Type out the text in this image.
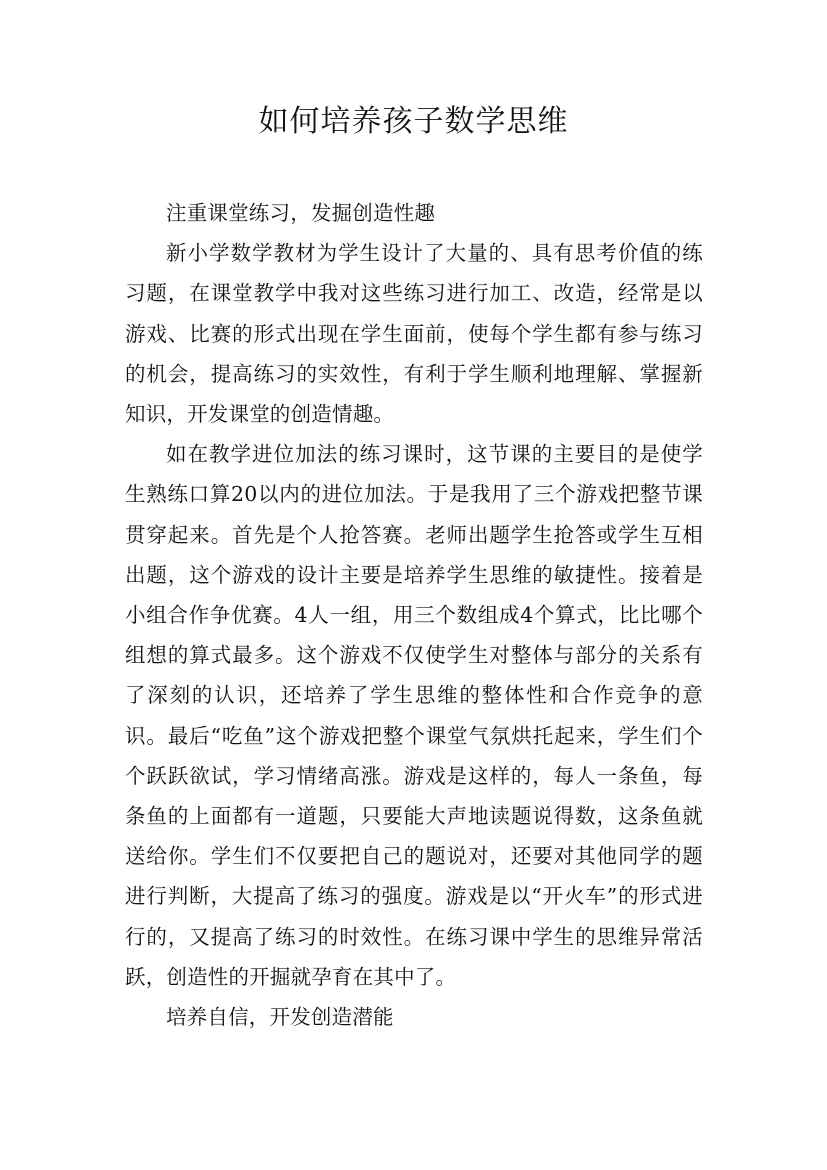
如何培养孩子数学思维

注重课堂练习，发掘创造性趣

新小学数学教材为学生设计了大量的、具有思考价值的练习题，在课堂教学中我对这些练习进行加工、改造，经常是以游戏、比赛的形式出现在学生面前，使每个学生都有参与练习的机会，提高练习的实效性，有利于学生顺利地理解、掌握新知识，开发课堂的创造情趣。

如在教学进位加法的练习课时，这节课的主要目的是使学生熟练口算20以内的进位加法。于是我用了三个游戏把整节课贯穿起来。首先是个人抢答赛。老师出题学生抢答或学生互相出题，这个游戏的设计主要是培养学生思维的敏捷性。接着是小组合作争优赛。4人一组，用三个数组成4个算式，比比哪个组想的算式最多。这个游戏不仅使学生对整体与部分的关系有了深刻的认识，还培养了学生思维的整体性和合作竞争的意识。最后“吃鱼”这个游戏把整个课堂气氛烘托起来，学生们个个跃跃欲试，学习情绪高涨。游戏是这样的，每人一条鱼，每条鱼的上面都有一道题，只要能大声地读题说得数，这条鱼就送给你。学生们不仅要把自己的题说对，还要对其他同学的题进行判断，大提高了练习的强度。游戏是以“开火车”的形式进行的，又提高了练习的时效性。在练习课中学生的思维异常活跃，创造性的开掘就孕育在其中了。

培养自信，开发创造潜能
